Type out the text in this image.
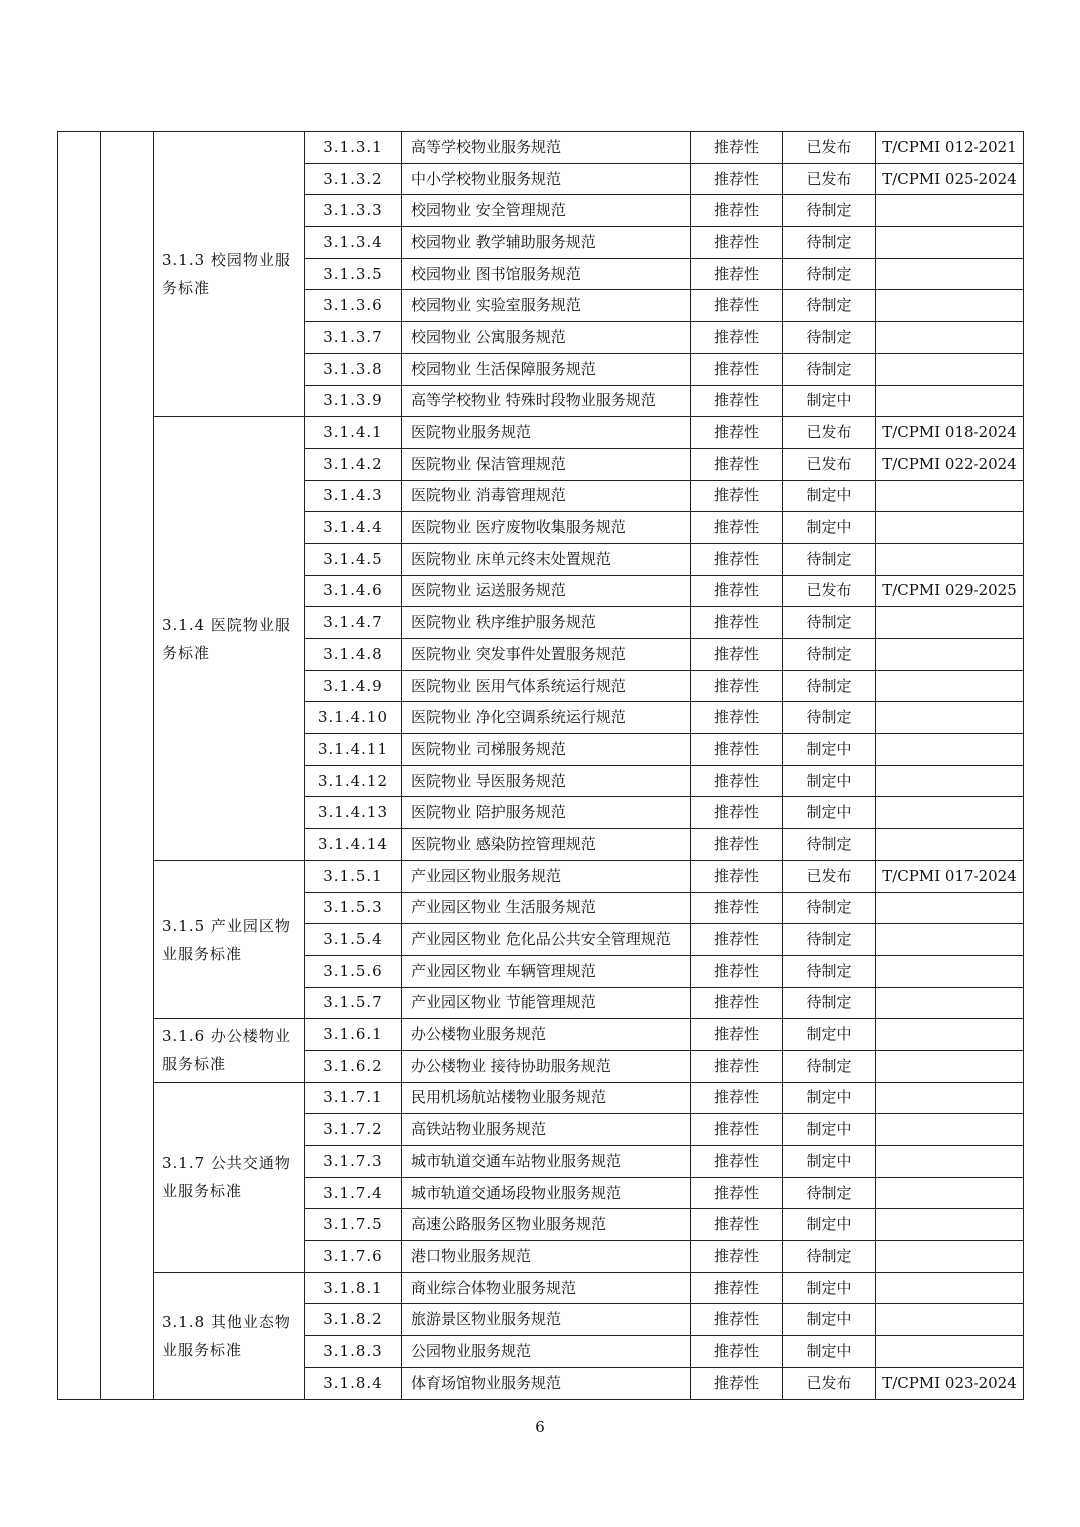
		3.1.3 校园物业服务标准	3.1.3.1	高等学校物业服务规范	推荐性	已发布	T/CPMI 012-2021
			3.1.3.2	中小学校物业服务规范	推荐性	已发布	T/CPMI 025-2024
			3.1.3.3	校园物业 安全管理规范	推荐性	待制定	
			3.1.3.4	校园物业 教学辅助服务规范	推荐性	待制定	
			3.1.3.5	校园物业 图书馆服务规范	推荐性	待制定	
			3.1.3.6	校园物业 实验室服务规范	推荐性	待制定	
			3.1.3.7	校园物业 公寓服务规范	推荐性	待制定	
			3.1.3.8	校园物业 生活保障服务规范	推荐性	待制定	
			3.1.3.9	高等学校物业 特殊时段物业服务规范	推荐性	制定中	
		3.1.4 医院物业服务标准	3.1.4.1	医院物业服务规范	推荐性	已发布	T/CPMI 018-2024
			3.1.4.2	医院物业 保洁管理规范	推荐性	已发布	T/CPMI 022-2024
			3.1.4.3	医院物业 消毒管理规范	推荐性	制定中	
			3.1.4.4	医院物业 医疗废物收集服务规范	推荐性	制定中	
			3.1.4.5	医院物业 床单元终末处置规范	推荐性	待制定	
			3.1.4.6	医院物业 运送服务规范	推荐性	已发布	T/CPMI 029-2025
			3.1.4.7	医院物业 秩序维护服务规范	推荐性	待制定	
			3.1.4.8	医院物业 突发事件处置服务规范	推荐性	待制定	
			3.1.4.9	医院物业 医用气体系统运行规范	推荐性	待制定	
			3.1.4.10	医院物业 净化空调系统运行规范	推荐性	待制定	
			3.1.4.11	医院物业 司梯服务规范	推荐性	制定中	
			3.1.4.12	医院物业 导医服务规范	推荐性	制定中	
			3.1.4.13	医院物业 陪护服务规范	推荐性	制定中	
			3.1.4.14	医院物业 感染防控管理规范	推荐性	待制定	
		3.1.5 产业园区物业服务标准	3.1.5.1	产业园区物业服务规范	推荐性	已发布	T/CPMI 017-2024
			3.1.5.3	产业园区物业 生活服务规范	推荐性	待制定	
			3.1.5.4	产业园区物业 危化品公共安全管理规范	推荐性	待制定	
			3.1.5.6	产业园区物业 车辆管理规范	推荐性	待制定	
			3.1.5.7	产业园区物业 节能管理规范	推荐性	待制定	
		3.1.6 办公楼物业服务标准	3.1.6.1	办公楼物业服务规范	推荐性	制定中	
			3.1.6.2	办公楼物业 接待协助服务规范	推荐性	待制定	
		3.1.7 公共交通物业服务标准	3.1.7.1	民用机场航站楼物业服务规范	推荐性	制定中	
			3.1.7.2	高铁站物业服务规范	推荐性	制定中	
			3.1.7.3	城市轨道交通车站物业服务规范	推荐性	制定中	
			3.1.7.4	城市轨道交通场段物业服务规范	推荐性	待制定	
			3.1.7.5	高速公路服务区物业服务规范	推荐性	制定中	
			3.1.7.6	港口物业服务规范	推荐性	待制定	
		3.1.8 其他业态物业服务标准	3.1.8.1	商业综合体物业服务规范	推荐性	制定中	
			3.1.8.2	旅游景区物业服务规范	推荐性	制定中	
			3.1.8.3	公园物业服务规范	推荐性	制定中	
			3.1.8.4	体育场馆物业服务规范	推荐性	已发布	T/CPMI 023-2024
6
